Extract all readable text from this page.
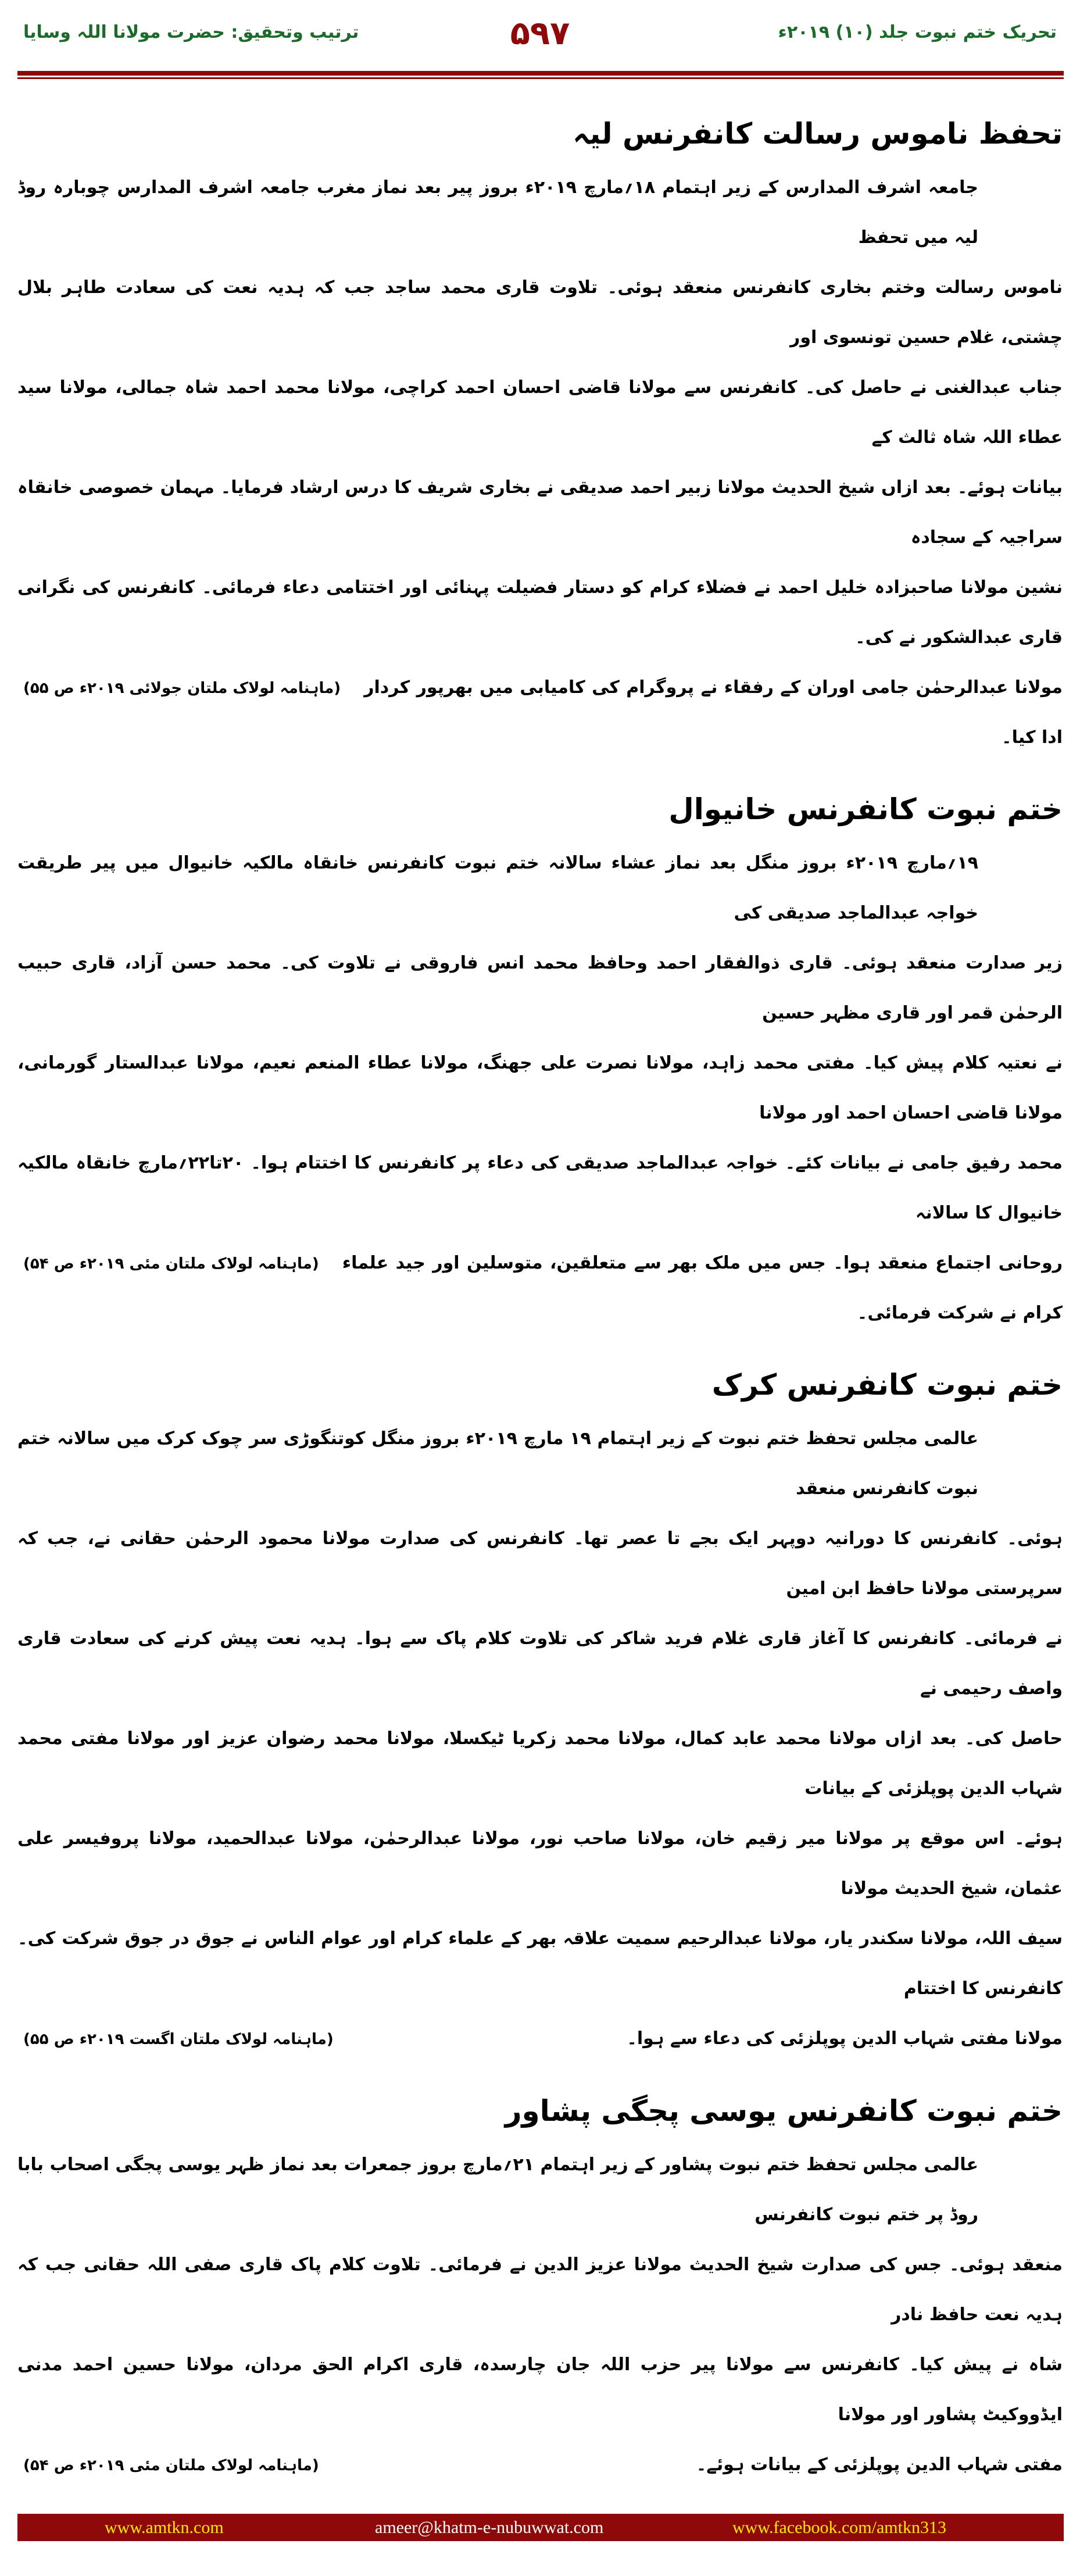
تحریک ختم نبوت جلد (۱۰) ۲۰۱۹ء
۵۹۷
ترتیب وتحقیق: حضرت مولانا اللہ وسایا
تحفظ ناموس رسالت کانفرنس لیہ
جامعہ اشرف المدارس کے زیر اہتمام ۱۸؍مارچ ۲۰۱۹ء بروز پیر بعد نماز مغرب جامعہ اشرف المدارس چوبارہ روڈ لیہ میں تحفظ
ناموس رسالت وختم بخاری کانفرنس منعقد ہوئی۔ تلاوت قاری محمد ساجد جب کہ ہدیہ نعت کی سعادت طاہر بلال چشتی، غلام حسین تونسوی اور
جناب عبدالغنی نے حاصل کی۔ کانفرنس سے مولانا قاضی احسان احمد کراچی، مولانا محمد احمد شاہ جمالی، مولانا سید عطاء اللہ شاہ ثالث کے
بیانات ہوئے۔ بعد ازاں شیخ الحدیث مولانا زبیر احمد صدیقی نے بخاری شریف کا درس ارشاد فرمایا۔ مہمان خصوصی خانقاہ سراجیہ کے سجادہ
نشین مولانا صاحبزادہ خلیل احمد نے فضلاء کرام کو دستار فضیلت پہنائی اور اختتامی دعاء فرمائی۔ کانفرنس کی نگرانی قاری عبدالشکور نے کی۔
مولانا عبدالرحمٰن جامی اوران کے رفقاء نے پروگرام کی کامیابی میں بھرپور کردار ادا کیا۔
(ماہنامہ لولاک ملتان جولائی ۲۰۱۹ء ص ۵۵)
ختم نبوت کانفرنس خانیوال
۱۹؍مارچ ۲۰۱۹ء بروز منگل بعد نماز عشاء سالانہ ختم نبوت کانفرنس خانقاہ مالکیہ خانیوال میں پیر طریقت خواجہ عبدالماجد صدیقی کی
زیر صدارت منعقد ہوئی۔ قاری ذوالفقار احمد وحافظ محمد انس فاروقی نے تلاوت کی۔ محمد حسن آزاد، قاری حبیب الرحمٰن قمر اور قاری مظہر حسین
نے نعتیہ کلام پیش کیا۔ مفتی محمد زاہد، مولانا نصرت علی جھنگ، مولانا عطاء المنعم نعیم، مولانا عبدالستار گورمانی، مولانا قاضی احسان احمد اور مولانا
محمد رفیق جامی نے بیانات کئے۔ خواجہ عبدالماجد صدیقی کی دعاء پر کانفرنس کا اختتام ہوا۔ ۲۰تا۲۲؍مارچ خانقاہ مالکیہ خانیوال کا سالانہ
روحانی اجتماع منعقد ہوا۔ جس میں ملک بھر سے متعلقین، متوسلین اور جید علماء کرام نے شرکت فرمائی۔
(ماہنامہ لولاک ملتان مئی ۲۰۱۹ء ص ۵۴)
ختم نبوت کانفرنس کرک
عالمی مجلس تحفظ ختم نبوت کے زیر اہتمام ۱۹ مارچ ۲۰۱۹ء بروز منگل کوتنگوڑی سر چوک کرک میں سالانہ ختم نبوت کانفرنس منعقد
ہوئی۔ کانفرنس کا دورانیہ دوپہر ایک بجے تا عصر تھا۔ کانفرنس کی صدارت مولانا محمود الرحمٰن حقانی نے، جب کہ سرپرستی مولانا حافظ ابن امین
نے فرمائی۔ کانفرنس کا آغاز قاری غلام فرید شاکر کی تلاوت کلام پاک سے ہوا۔ ہدیہ نعت پیش کرنے کی سعادت قاری واصف رحیمی نے
حاصل کی۔ بعد ازاں مولانا محمد عابد کمال، مولانا محمد زکریا ٹیکسلا، مولانا محمد رضوان عزیز اور مولانا مفتی محمد شہاب الدین پوپلزئی کے بیانات
ہوئے۔ اس موقع پر مولانا میر زقیم خان، مولانا صاحب نور، مولانا عبدالرحمٰن، مولانا عبدالحمید، مولانا پروفیسر علی عثمان، شیخ الحدیث مولانا
سیف اللہ، مولانا سکندر یار، مولانا عبدالرحیم سمیت علاقہ بھر کے علماء کرام اور عوام الناس نے جوق در جوق شرکت کی۔ کانفرنس کا اختتام
مولانا مفتی شہاب الدین پوپلزئی کی دعاء سے ہوا۔
(ماہنامہ لولاک ملتان اگست ۲۰۱۹ء ص ۵۵)
ختم نبوت کانفرنس یوسی پجگی پشاور
عالمی مجلس تحفظ ختم نبوت پشاور کے زیر اہتمام ۲۱؍مارچ بروز جمعرات بعد نماز ظہر یوسی پجگی اصحاب بابا روڈ پر ختم نبوت کانفرنس
منعقد ہوئی۔ جس کی صدارت شیخ الحدیث مولانا عزیز الدین نے فرمائی۔ تلاوت کلام پاک قاری صفی اللہ حقانی جب کہ ہدیہ نعت حافظ نادر
شاہ نے پیش کیا۔ کانفرنس سے مولانا پیر حزب اللہ جان چارسدہ، قاری اکرام الحق مردان، مولانا حسین احمد مدنی ایڈووکیٹ پشاور اور مولانا
مفتی شہاب الدین پوپلزئی کے بیانات ہوئے۔
(ماہنامہ لولاک ملتان مئی ۲۰۱۹ء ص ۵۴)
www.amtkn.com	ameer@khatm-e-nubuwwat.com	www.facebook.com/amtkn313
